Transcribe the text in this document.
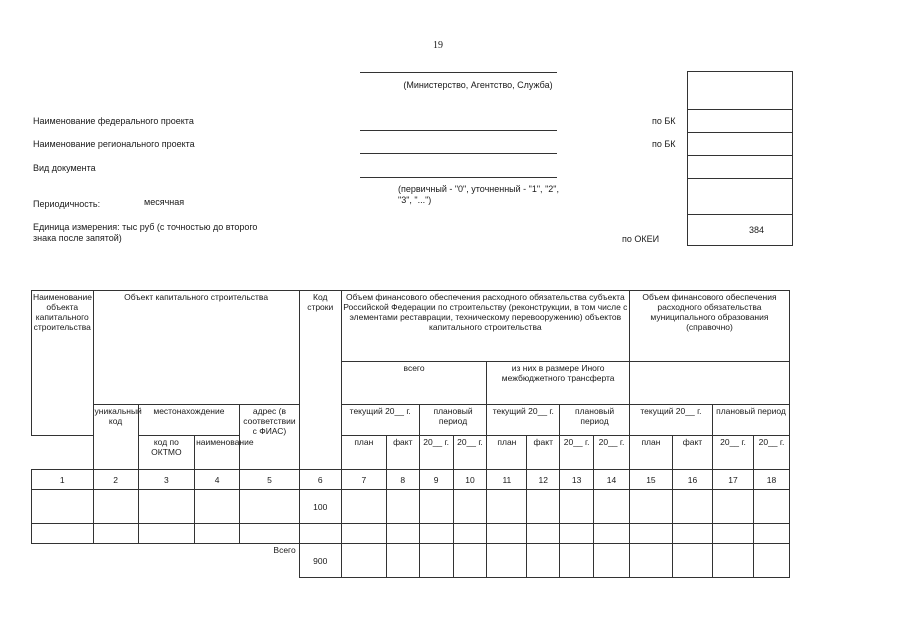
19
(Министерство, Агентство, Служба)
Наименование федерального проекта
Наименование регионального проекта
Вид документа
Периодичность:	месячная
Единица измерения: тыс руб (с точностью до второго знака после запятой)
(первичный - "0", уточненный - "1", "2", "3", "...")
по БК
по БК
по ОКЕИ

384
Наименование объекта капитального строительства	Объект капитального строительства				Код строки	Объем финансового обеспечения расходного обязательства субъекта Российской Федерации по строительству (реконструкции, в том числе с элементами реставрации, техническому перевооружению) объектов капитального строительства								Объем финансового обеспечения расходного обязательства муниципального образования (справочно)			
						всего				из них в размере Иного межбюджетного трансферта							
	уникальный код	местонахождение		адрес (в соответствии с ФИАС)		текущий 20__ г.		плановый период		текущий 20__ г.		плановый период		текущий 20__ г.		плановый период	
		код по ОКТМО	наименование			план	факт	20__ г.	20__ г.	план	факт	20__ г.	20__ г.	план	факт	20__ г.	20__ г.

1	2	3	4	5	6	7	8	9	10	11	12	13	14	15	16	17	18
					100												

Всего					900												
